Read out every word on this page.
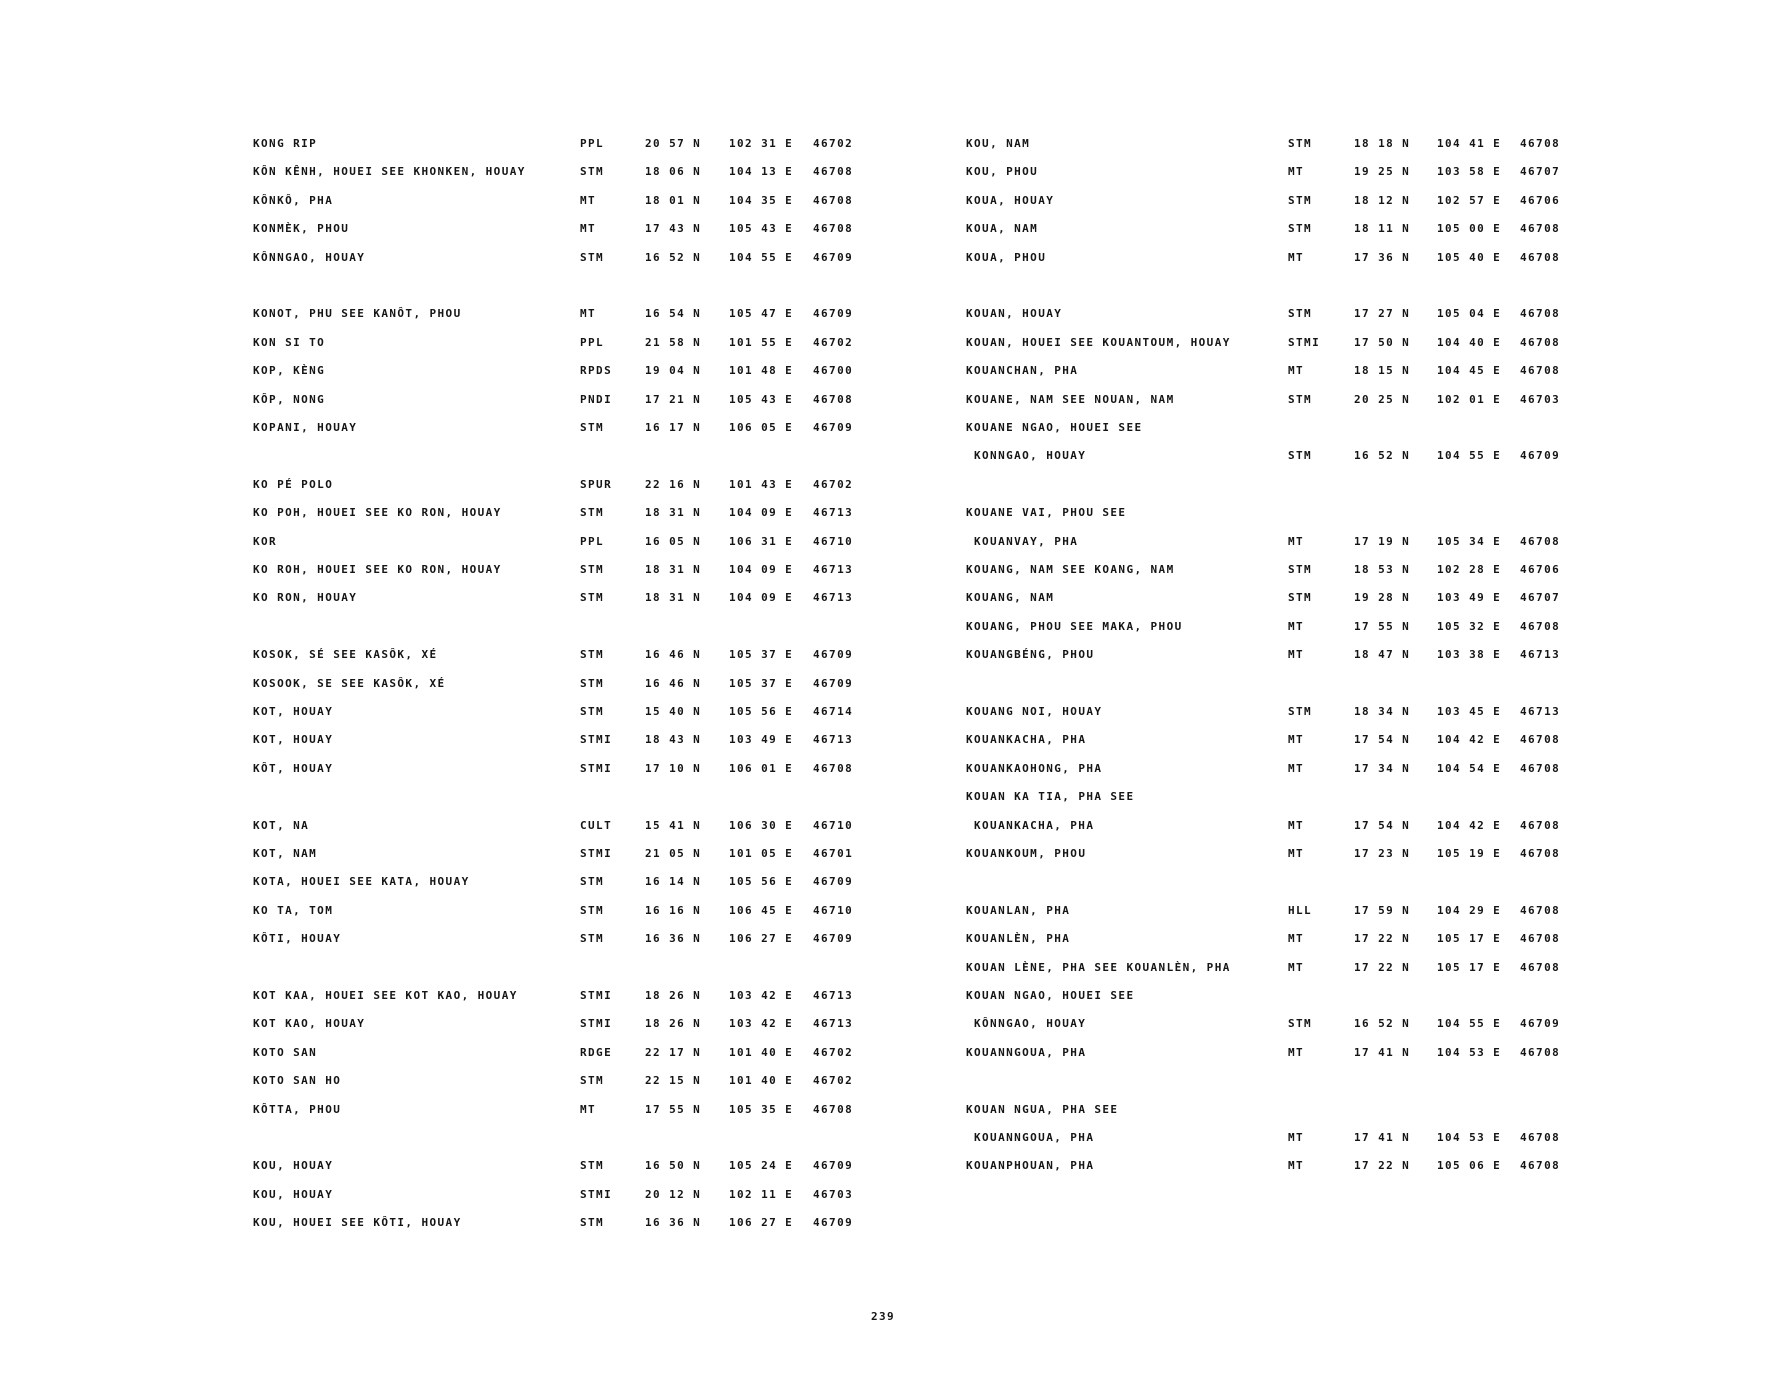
KONG RIP	PPL	20 57 N	102 31 E 46702
KÔN KÊNH, HOUEI SEE KHONKEN, HOUAY	STM	18 06 N	104 13 E 46708
KÔNKÔ, PHA	MT	18 01 N	104 35 E 46708
KONMÈK, PHOU	MT	17 43 N	105 43 E 46708
KÔNNGAO, HOUAY	STM	16 52 N	104 55 E 46709
KONOT, PHU SEE KANÔT, PHOU	MT	16 54 N	105 47 E 46709
KON SI TO	PPL	21 58 N	101 55 E 46702
KOP, KÈNG	RPDS	19 04 N	101 48 E 46700
KÔP, NONG	PNDI	17 21 N	105 43 E 46708
KOPANI, HOUAY	STM	16 17 N	106 05 E 46709
KO PÉ POLO	SPUR	22 16 N	101 43 E 46702
KO POH, HOUEI SEE KO RON, HOUAY	STM	18 31 N	104 09 E 46713
KOR	PPL	16 05 N	106 31 E 46710
KO ROH, HOUEI SEE KO RON, HOUAY	STM	18 31 N	104 09 E 46713
KO RON, HOUAY	STM	18 31 N	104 09 E 46713
KOSOK, SÉ SEE KASÔK, XÉ	STM	16 46 N	105 37 E 46709
KOSOOK, SE SEE KASÔK, XÉ	STM	16 46 N	105 37 E 46709
KOT, HOUAY	STM	15 40 N	105 56 E 46714
KOT, HOUAY	STMI	18 43 N	103 49 E 46713
KÔT, HOUAY	STMI	17 10 N	106 01 E 46708
KOT, NA	CULT	15 41 N	106 30 E 46710
KOT, NAM	STMI	21 05 N	101 05 E 46701
KOTA, HOUEI SEE KATA, HOUAY	STM	16 14 N	105 56 E 46709
KO TA, TOM	STM	16 16 N	106 45 E 46710
KÔTI, HOUAY	STM	16 36 N	106 27 E 46709
KOT KAA, HOUEI SEE KOT KAO, HOUAY	STMI	18 26 N	103 42 E 46713
KOT KAO, HOUAY	STMI	18 26 N	103 42 E 46713
KOTO SAN	RDGE	22 17 N	101 40 E 46702
KOTO SAN HO	STM	22 15 N	101 40 E 46702
KÔTTA, PHOU	MT	17 55 N	105 35 E 46708
KOU, HOUAY	STM	16 50 N	105 24 E 46709
KOU, HOUAY	STMI	20 12 N	102 11 E 46703
KOU, HOUEI SEE KÔTI, HOUAY	STM	16 36 N	106 27 E 46709
KOU, NAM	STM	18 18 N 104 41 E 46708
KOU, PHOU	MT	19 25 N 103 58 E 46707
KOUA, HOUAY	STM	18 12 N 102 57 E 46706
KOUA, NAM	STM	18 11 N 105 00 E 46708
KOUA, PHOU	MT	17 36 N 105 40 E 46708
KOUAN, HOUAY	STM	17 27 N 105 04 E 46708
KOUAN, HOUEI SEE KOUANTOUM, HOUAY	STMI	17 50 N 104 40 E 46708
KOUANCHAN, PHA	MT	18 15 N 104 45 E 46708
KOUANE, NAM SEE NOUAN, NAM	STM	20 25 N 102 01 E 46703
KOUANE NGAO, HOUEI SEE
KONNGAO, HOUAY	STM	16 52 N 104 55 E 46709
KOUANE VAI, PHOU SEE
KOUANVAY, PHA	MT	17 19 N 105 34 E 46708
KOUANG, NAM SEE KOANG, NAM	STM	18 53 N 102 28 E 46706
KOUANG, NAM	STM	19 28 N 103 49 E 46707
KOUANG, PHOU SEE MAKA, PHOU	MT	17 55 N 105 32 E 46708
KOUANGBÉNG, PHOU	MT	18 47 N 103 38 E 46713
KOUANG NOI, HOUAY	STM	18 34 N 103 45 E 46713
KOUANKACHA, PHA	MT	17 54 N 104 42 E 46708
KOUANKAOHONG, PHA	MT	17 34 N 104 54 E 46708
KOUAN KA TIA, PHA SEE
KOUANKACHA, PHA	MT	17 54 N 104 42 E 46708
KOUANKOUM, PHOU	MT	17 23 N 105 19 E 46708
KOUANLAN, PHA	HLL	17 59 N 104 29 E 46708
KOUANLÈN, PHA	MT	17 22 N 105 17 E 46708
KOUAN LÈNE, PHA SEE KOUANLÈN, PHA	MT	17 22 N 105 17 E 46708
KOUAN NGAO, HOUEI SEE
KÔNNGAO, HOUAY	STM	16 52 N 104 55 E 46709
KOUANNGOUA, PHA	MT	17 41 N 104 53 E 46708
KOUAN NGUA, PHA SEE
KOUANNGOUA, PHA	MT	17 41 N 104 53 E 46708
KOUANPHOUAN, PHA	MT	17 22 N 105 06 E 46708
239
